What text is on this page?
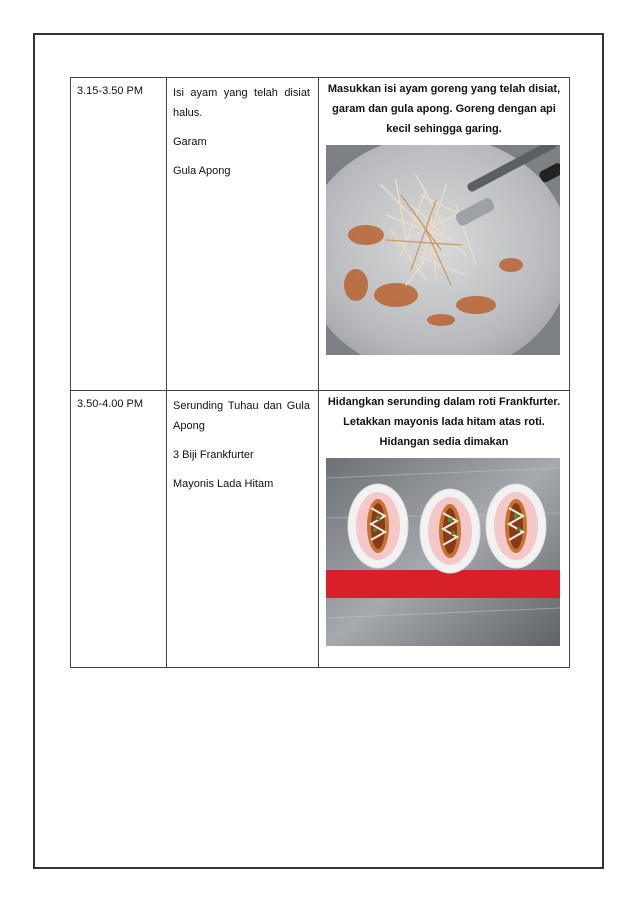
3.15-3.50 PM	Isi ayam yang telah disiat halus.

Garam

Gula Apong	Masukkan isi ayam goreng yang telah disiat, garam dan gula apong. Goreng dengan api kecil sehingga garing.

3.50-4.00 PM	Serunding Tuhau dan Gula Apong

3 Biji Frankfurter

Mayonis Lada Hitam	Hidangkan serunding dalam roti Frankfurter. Letakkan mayonis lada hitam atas roti. Hidangan sedia dimakan
